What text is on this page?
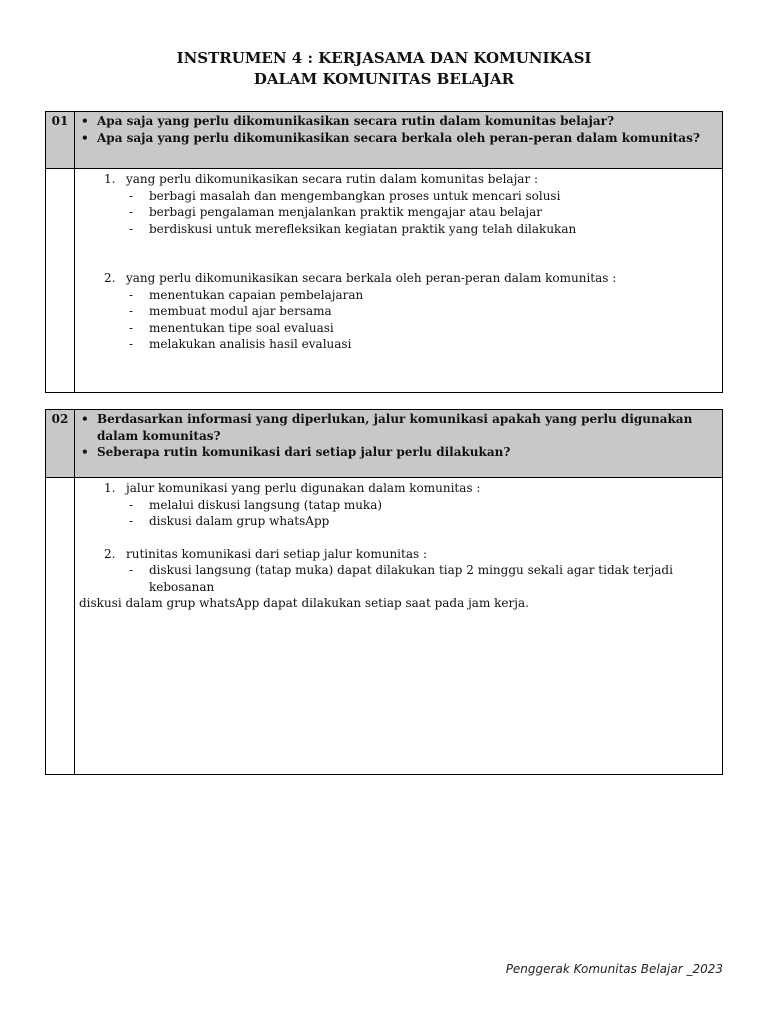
INSTRUMEN 4 : KERJASAMA DAN KOMUNIKASI
DALAM KOMUNITAS BELAJAR
01	• Apa saja yang perlu dikomunikasikan secara rutin dalam komunitas belajar?
• Apa saja yang perlu dikomunikasikan secara berkala oleh peran-peran dalam komunitas?
1. yang perlu dikomunikasikan secara rutin dalam komunitas belajar :
- berbagi masalah dan mengembangkan proses untuk mencari solusi
- berbagi pengalaman menjalankan praktik mengajar atau belajar
- berdiskusi untuk merefleksikan kegiatan praktik yang telah dilakukan
2. yang perlu dikomunikasikan secara berkala oleh peran-peran dalam komunitas :
- menentukan capaian pembelajaran
- membuat modul ajar bersama
- menentukan tipe soal evaluasi
- melakukan analisis hasil evaluasi
02	• Berdasarkan informasi yang diperlukan, jalur komunikasi apakah yang perlu digunakan dalam komunitas?
• Seberapa rutin komunikasi dari setiap jalur perlu dilakukan?
1. jalur komunikasi yang perlu digunakan dalam komunitas :
- melalui diskusi langsung (tatap muka)
- diskusi dalam grup whatsApp
2. rutinitas komunikasi dari setiap jalur komunitas :
- diskusi langsung (tatap muka) dapat dilakukan tiap 2 minggu sekali agar tidak terjadi kebosanan
diskusi dalam grup whatsApp dapat dilakukan setiap saat pada jam kerja.
Penggerak Komunitas Belajar _2023
